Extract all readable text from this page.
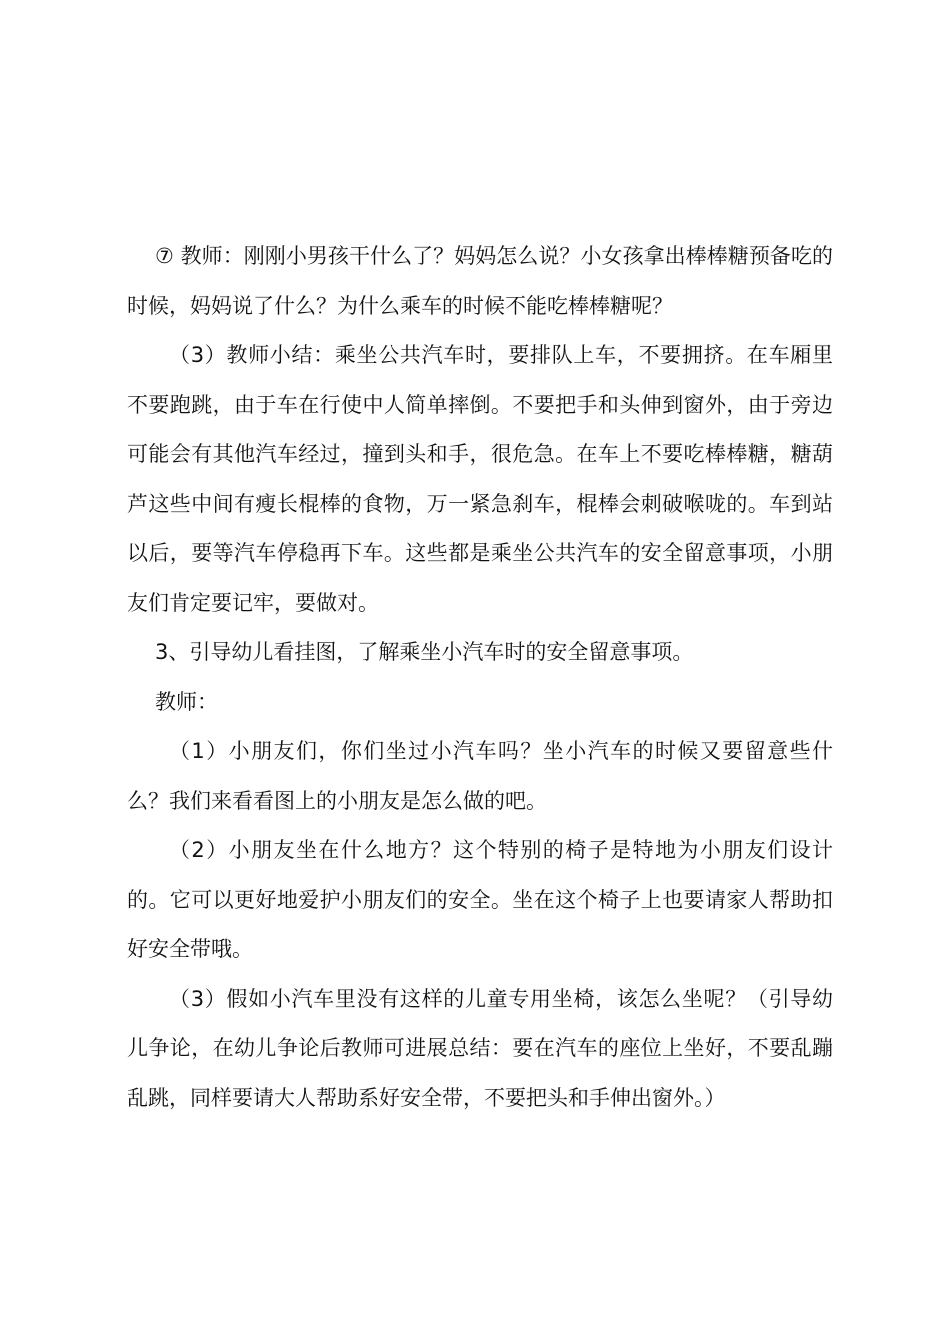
⑦ 教师：刚刚小男孩干什么了？妈妈怎么说？小女孩拿出棒棒糖预备吃的时候，妈妈说了什么？为什么乘车的时候不能吃棒棒糖呢？

（3）教师小结：乘坐公共汽车时，要排队上车，不要拥挤。在车厢里不要跑跳，由于车在行使中人简单摔倒。不要把手和头伸到窗外，由于旁边可能会有其他汽车经过，撞到头和手，很危急。在车上不要吃棒棒糖，糖葫芦这些中间有瘦长棍棒的食物，万一紧急刹车，棍棒会刺破喉咙的。车到站以后，要等汽车停稳再下车。这些都是乘坐公共汽车的安全留意事项，小朋友们肯定要记牢，要做对。

3、引导幼儿看挂图，了解乘坐小汽车时的安全留意事项。

教师：

（1）小朋友们，你们坐过小汽车吗？坐小汽车的时候又要留意些什么？我们来看看图上的小朋友是怎么做的吧。

（2）小朋友坐在什么地方？这个特别的椅子是特地为小朋友们设计的。它可以更好地爱护小朋友们的安全。坐在这个椅子上也要请家人帮助扣好安全带哦。

（3）假如小汽车里没有这样的儿童专用坐椅，该怎么坐呢？（引导幼儿争论，在幼儿争论后教师可进展总结：要在汽车的座位上坐好，不要乱蹦乱跳，同样要请大人帮助系好安全带，不要把头和手伸出窗外。）
